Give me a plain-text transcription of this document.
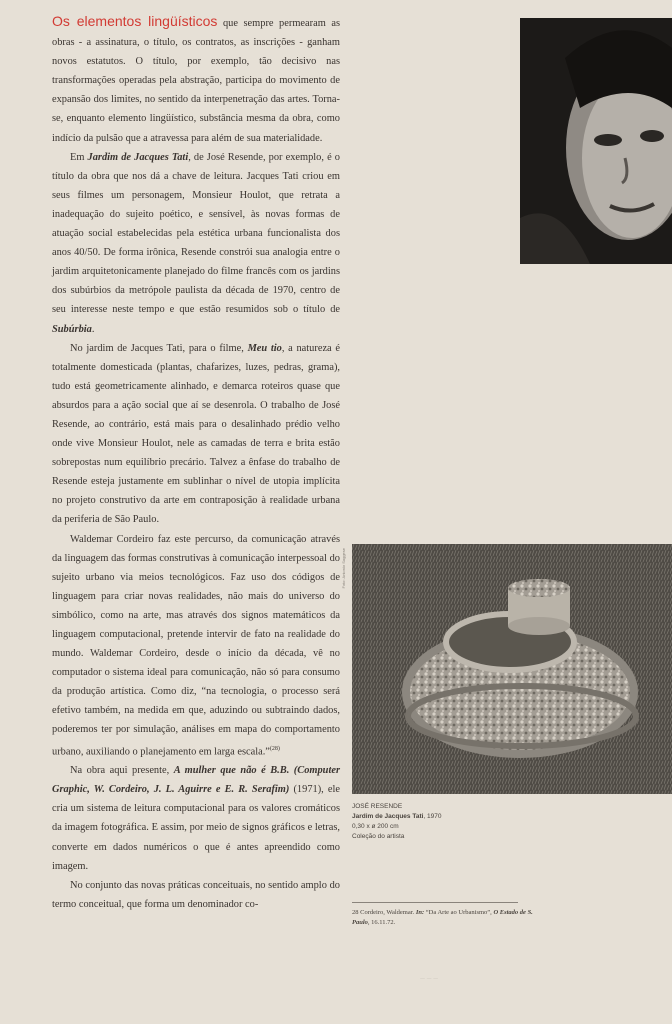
Os elementos lingüísticos que sempre permearam as obras - a assinatura, o título, os contratos, as inscrições - ganham novos estatutos. O título, por exemplo, tão decisivo nas transformações operadas pela abstração, participa do movimento de expansão dos limites, no sentido da interpenetração das artes. Torna-se, enquanto elemento lingüístico, substância mesma da obra, como indício da pulsão que a atravessa para além de sua materialidade.

Em Jardim de Jacques Tati, de José Resende, por exemplo, é o título da obra que nos dá a chave de leitura. Jacques Tati criou em seus filmes um personagem, Monsieur Houlot, que retrata a inadequação do sujeito poético, e sensível, às novas formas de atuação social estabelecidas pela estética urbana funcionalista dos anos 40/50. De forma irônica, Resende constrói sua analogia entre o jardim arquitetonicamente planejado do filme francês com os jardins dos subúrbios da metrópole paulista da década de 1970, centro de seu interesse neste tempo e que estão resumidos sob o título de Subúrbia.

No jardim de Jacques Tati, para o filme, Meu tio, a natureza é totalmente domesticada (plantas, chafarizes, luzes, pedras, grama), tudo está geometricamente alinhado, e demarca roteiros quase que absurdos para a ação social que aí se desenrola. O trabalho de José Resende, ao contrário, está mais para o desalinhado prédio velho onde vive Monsieur Houlot, nele as camadas de terra e brita estão sobrepostas num equilíbrio precário. Talvez a ênfase do trabalho de Resende esteja justamente em sublinhar o nível de utopia implícita no projeto construtivo da arte em contraposição à realidade urbana da periferia de São Paulo.

Waldemar Cordeiro faz este percurso, da comunicação através da linguagem das formas construtivas à comunicação interpessoal do sujeito urbano via meios tecnológicos. Faz uso dos códigos de linguagem para criar novas realidades, não mais do universo do simbólico, como na arte, mas através dos signos matemáticos da linguagem computacional, pretende intervir de fato na realidade do mundo. Waldemar Cordeiro, desde o início da década, vê no computador o sistema ideal para comunicação, não só para consumo da produção artística. Como diz, “na tecnologia, o processo será efetivo também, na medida em que, aduzindo ou subtraindo dados, poderemos ter por simulação, análises em mapa do comportamento urbano, auxiliando o planejamento em larga escala.”$^{(28)}$

Na obra aqui presente, A mulher que não é B.B. (Computer Graphic, W. Cordeiro, J. L. Aguirre e E. R. Serafim) (1971), ele cria um sistema de leitura computacional para os valores cromáticos da imagem fotográfica. E assim, por meio de signos gráficos e letras, converte em dados numéricos o que é antes apreendido como imagem.

No conjunto das novas práticas conceituais, no sentido amplo do termo conceitual, que forma um denominador co-

Foto: Antonio Saggese
JOSÉ RESENDE
Jardim de Jacques Tati, 1970
0,30 x ø 200 cm
Coleção do artista
28 Cordeiro, Waldemar. In: “Da Arte ao Urbanismo”, O Estado de S. Paulo, 16.11.72.
— — —
